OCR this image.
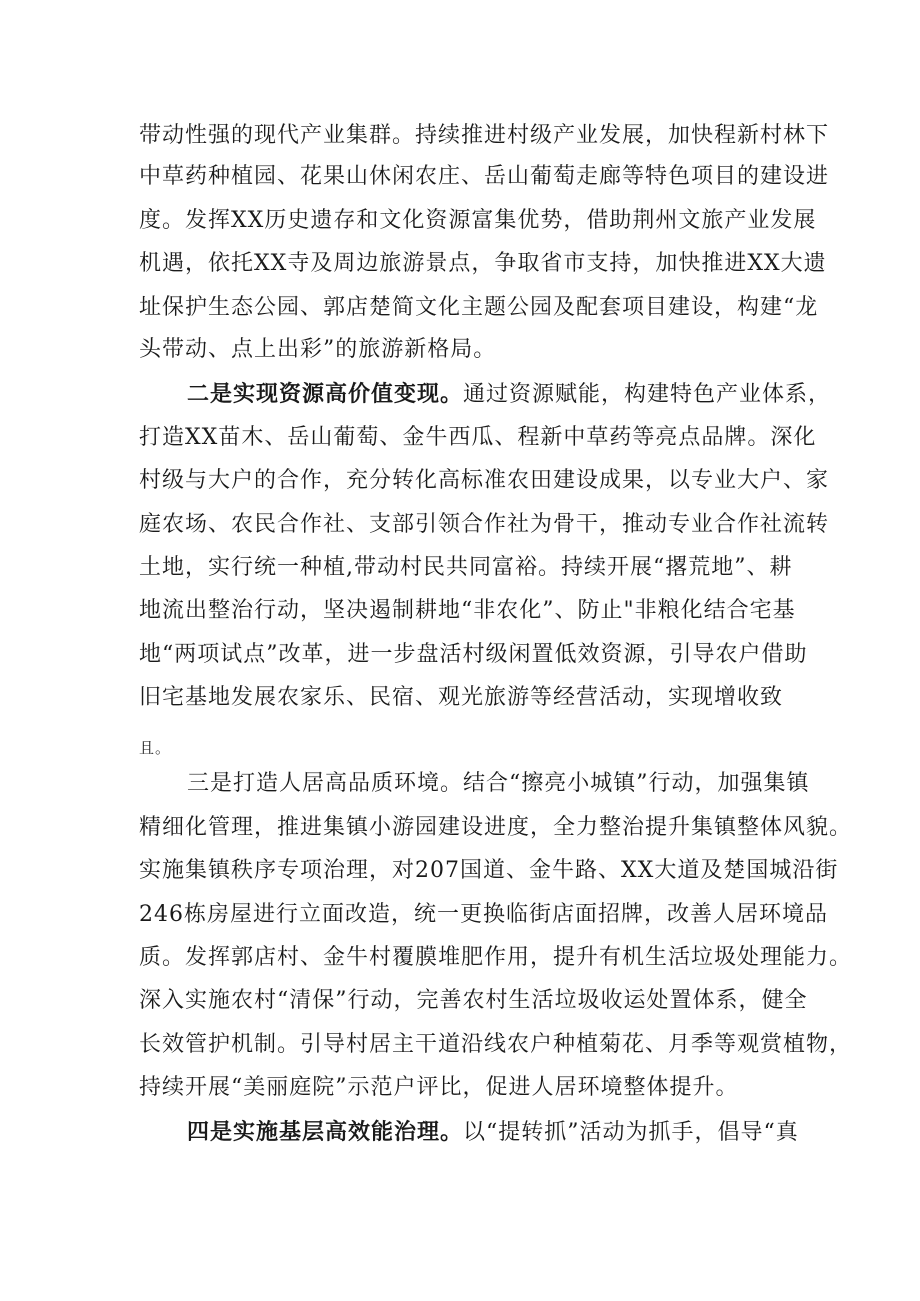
带动性强的现代产业集群。持续推进村级产业发展，加快程新村林下
中草药种植园、花果山休闲农庄、岳山葡萄走廊等特色项目的建设进
度。发挥XX历史遗存和文化资源富集优势，借助荆州文旅产业发展
机遇，依托XX寺及周边旅游景点，争取省市支持，加快推进XX大遗
址保护生态公园、郭店楚简文化主题公园及配套项目建设，构建“龙
头带动、点上出彩”的旅游新格局。
二是实现资源高价值变现。通过资源赋能，构建特色产业体系，
打造XX苗木、岳山葡萄、金牛西瓜、程新中草药等亮点品牌。深化
村级与大户的合作，充分转化高标准农田建设成果，以专业大户、家
庭农场、农民合作社、支部引领合作社为骨干，推动专业合作社流转
土地，实行统一种植,带动村民共同富裕。持续开展“撂荒地”、耕
地流出整治行动，坚决遏制耕地“非农化”、防止"非粮化结合宅基
地“两项试点”改革，进一步盘活村级闲置低效资源，引导农户借助
旧宅基地发展农家乐、民宿、观光旅游等经营活动，实现增收致
且。
三是打造人居高品质环境。结合“擦亮小城镇”行动，加强集镇
精细化管理，推进集镇小游园建设进度，全力整治提升集镇整体风貌。
实施集镇秩序专项治理，对207国道、金牛路、XX大道及楚国城沿街
246栋房屋进行立面改造，统一更换临街店面招牌，改善人居环境品
质。发挥郭店村、金牛村覆膜堆肥作用，提升有机生活垃圾处理能力。
深入实施农村“清保”行动，完善农村生活垃圾收运处置体系，健全
长效管护机制。引导村居主干道沿线农户种植菊花、月季等观赏植物，
持续开展“美丽庭院”示范户评比，促进人居环境整体提升。
四是实施基层高效能治理。以“提转抓”活动为抓手，倡导“真
